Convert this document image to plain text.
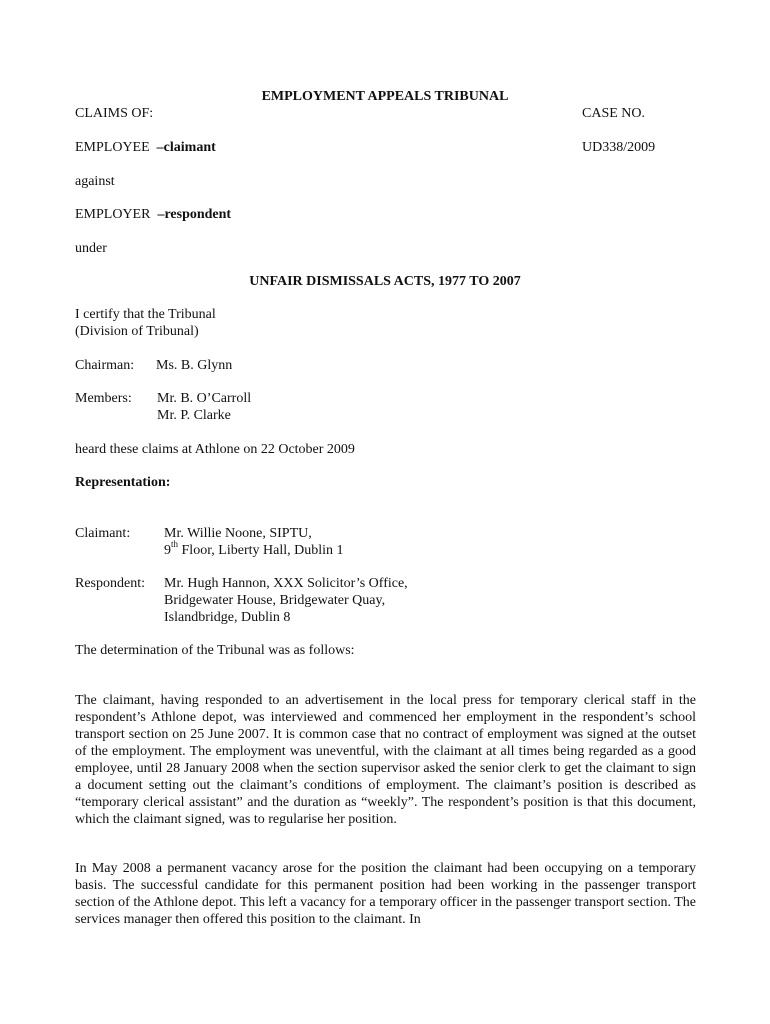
EMPLOYMENT APPEALS TRIBUNAL
CLAIMS OF:	CASE NO.
EMPLOYEE –claimant	UD338/2009
against
EMPLOYER –respondent
under
UNFAIR DISMISSALS ACTS, 1977 TO 2007
I certify that the Tribunal
(Division of Tribunal)
Chairman: Ms. B. Glynn
Members: Mr. B. O’Carroll
Mr. P. Clarke
heard these claims at Athlone on 22 October 2009
Representation:
Claimant: Mr. Willie Noone, SIPTU,
9th Floor, Liberty Hall, Dublin 1
Respondent: Mr. Hugh Hannon, XXX Solicitor’s Office,
Bridgewater House, Bridgewater Quay,
Islandbridge, Dublin 8
The determination of the Tribunal was as follows:
The claimant, having responded to an advertisement in the local press for temporary clerical staff in the respondent’s Athlone depot, was interviewed and commenced her employment in the respondent’s school transport section on 25 June 2007. It is common case that no contract of employment was signed at the outset of the employment. The employment was uneventful, with the claimant at all times being regarded as a good employee, until 28 January 2008 when the section supervisor asked the senior clerk to get the claimant to sign a document setting out the claimant’s conditions of employment. The claimant’s position is described as “temporary clerical assistant” and the duration as “weekly”. The respondent’s position is that this document, which the claimant signed, was to regularise her position.
In May 2008 a permanent vacancy arose for the position the claimant had been occupying on a temporary basis. The successful candidate for this permanent position had been working in the passenger transport section of the Athlone depot. This left a vacancy for a temporary officer in the passenger transport section. The services manager then offered this position to the claimant. In
